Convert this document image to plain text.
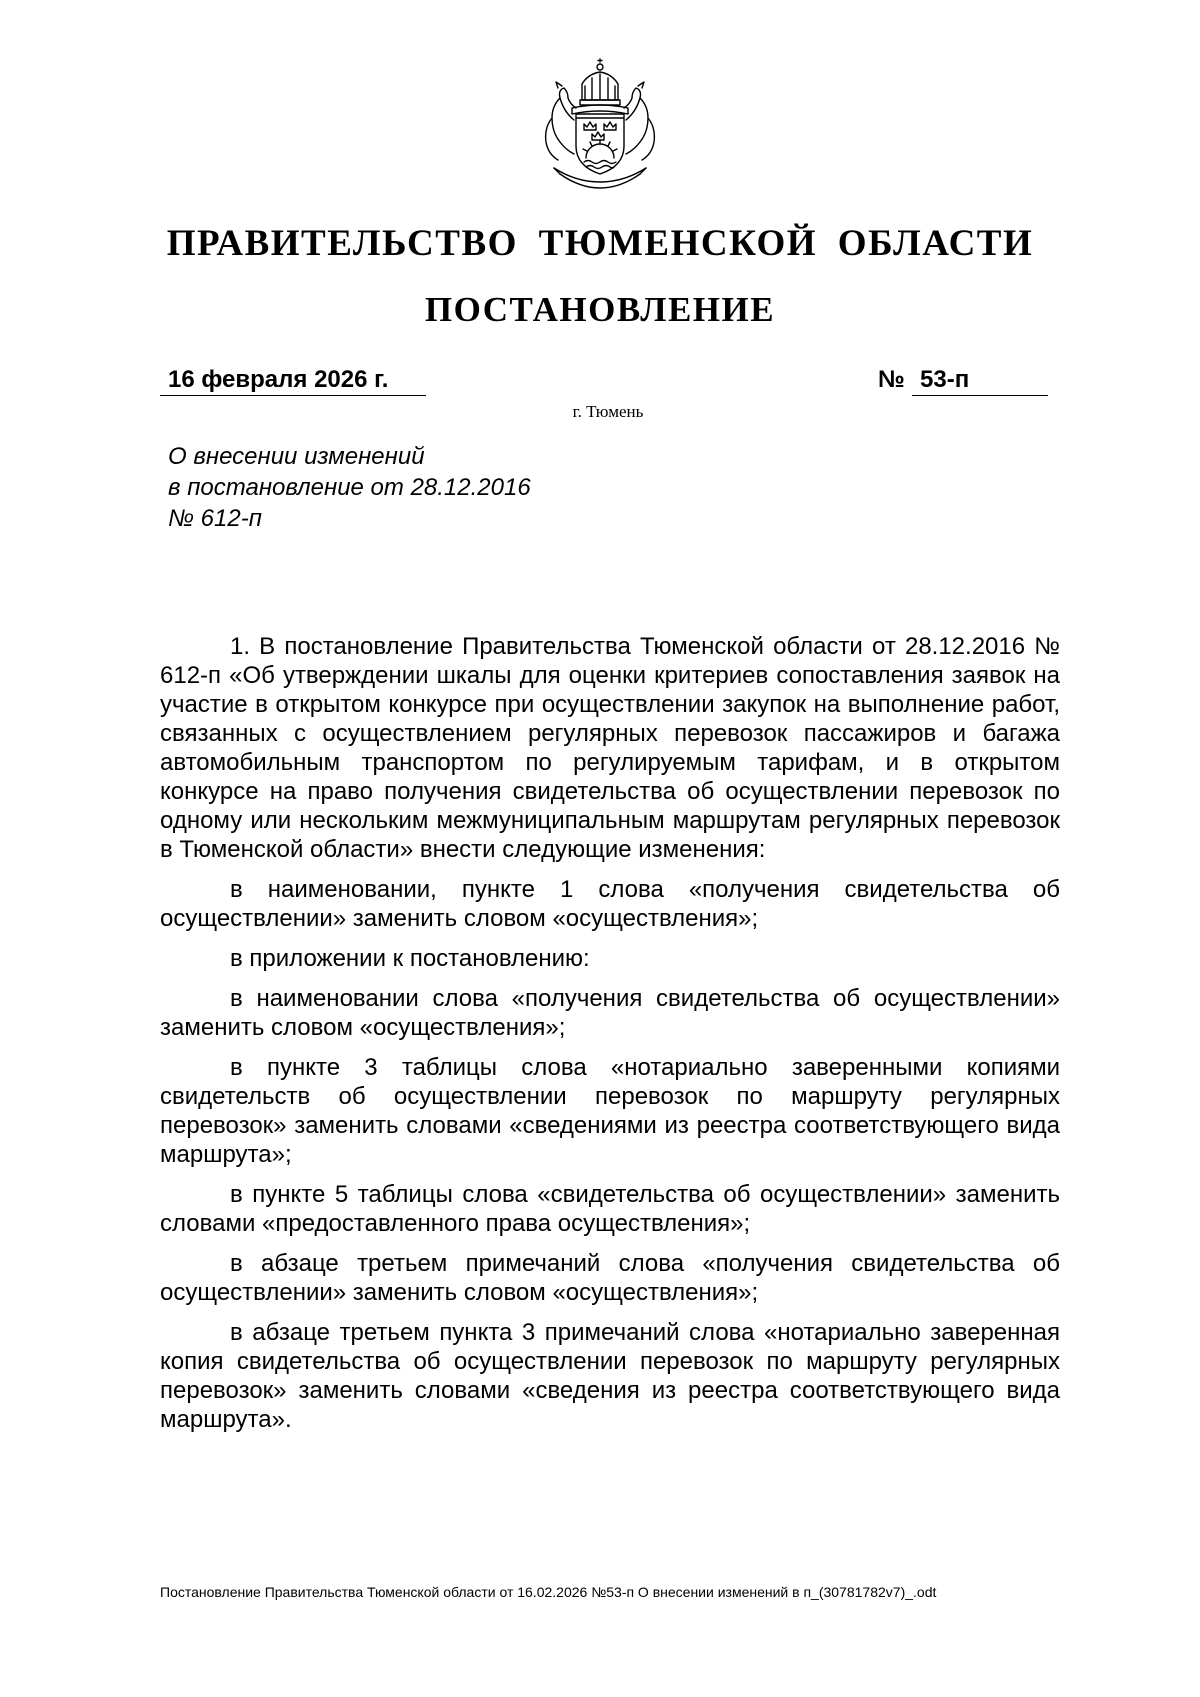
ПРАВИТЕЛЬСТВО ТЮМЕНСКОЙ ОБЛАСТИ
ПОСТАНОВЛЕНИЕ
16 февраля 2026 г.	№ 53-п
г. Тюмень
О внесении изменений
в постановление от 28.12.2016
№ 612-п

1. В постановление Правительства Тюменской области от 28.12.2016 № 612-п «Об утверждении шкалы для оценки критериев сопоставления заявок на участие в открытом конкурсе при осуществлении закупок на выполнение работ, связанных с осуществлением регулярных перевозок пассажиров и багажа автомобильным транспортом по регулируемым тарифам, и в открытом конкурсе на право получения свидетельства об осуществлении перевозок по одному или нескольким межмуниципальным маршрутам регулярных перевозок в Тюменской области» внести следующие изменения:

в наименовании, пункте 1 слова «получения свидетельства об осуществлении» заменить словом «осуществления»;

в приложении к постановлению:

в наименовании слова «получения свидетельства об осуществлении» заменить словом «осуществления»;

в пункте 3 таблицы слова «нотариально заверенными копиями свидетельств об осуществлении перевозок по маршруту регулярных перевозок» заменить словами «сведениями из реестра соответствующего вида маршрута»;

в пункте 5 таблицы слова «свидетельства об осуществлении» заменить словами «предоставленного права осуществления»;

в абзаце третьем примечаний слова «получения свидетельства об осуществлении» заменить словом «осуществления»;

в абзаце третьем пункта 3 примечаний слова «нотариально заверенная копия свидетельства об осуществлении перевозок по маршруту регулярных перевозок» заменить словами «сведения из реестра соответствующего вида маршрута».

Постановление Правительства Тюменской области от 16.02.2026 №53-п О внесении изменений в п_(30781782v7)_.odt
